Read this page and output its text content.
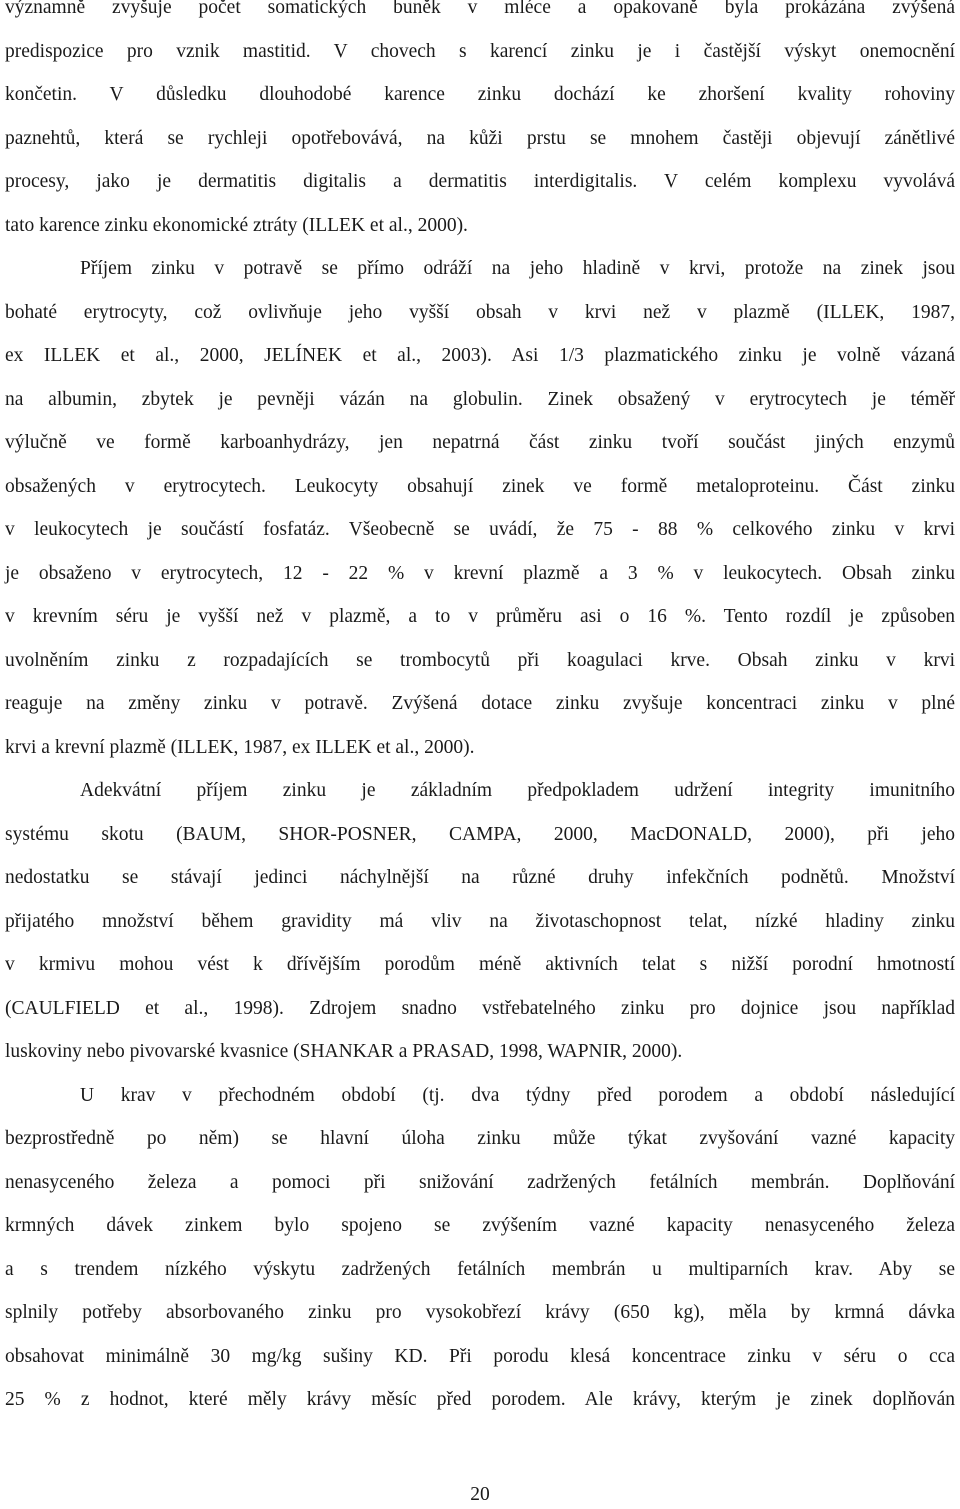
významně zvyšuje počet somatických buněk v mléce a opakovaně byla prokázána zvýšená
predispozice pro vznik mastitid. V chovech s karencí zinku je i častější výskyt onemocnění
končetin. V důsledku dlouhodobé karence zinku dochází ke zhoršení kvality rohoviny
paznehtů, která se rychleji opotřebovává, na kůži prstu se mnohem častěji objevují zánětlivé
procesy, jako je dermatitis digitalis a dermatitis interdigitalis. V celém komplexu vyvolává
tato karence zinku ekonomické ztráty (ILLEK et al., 2000).

Příjem zinku v potravě se přímo odráží na jeho hladině v krvi, protože na zinek jsou
bohaté erytrocyty, což ovlivňuje jeho vyšší obsah v krvi než v plazmě (ILLEK, 1987,
ex ILLEK et al., 2000, JELÍNEK et al., 2003). Asi 1/3 plazmatického zinku je volně vázaná
na albumin, zbytek je pevněji vázán na globulin. Zinek obsažený v erytrocytech je téměř
výlučně ve formě karboanhydrázy, jen nepatrná část zinku tvoří součást jiných enzymů
obsažených v erytrocytech. Leukocyty obsahují zinek ve formě metaloproteinu. Část zinku
v leukocytech je součástí fosfatáz. Všeobecně se uvádí, že 75 - 88 % celkového zinku v krvi
je obsaženo v erytrocytech, 12 - 22 % v krevní plazmě a 3 % v leukocytech. Obsah zinku
v krevním séru je vyšší než v plazmě, a to v průměru asi o 16 %. Tento rozdíl je způsoben
uvolněním zinku z rozpadajících se trombocytů při koagulaci krve. Obsah zinku v krvi
reaguje na změny zinku v potravě. Zvýšená dotace zinku zvyšuje koncentraci zinku v plné
krvi a krevní plazmě (ILLEK, 1987, ex ILLEK et al., 2000).

Adekvátní příjem zinku je základním předpokladem udržení integrity imunitního
systému skotu (BAUM, SHOR-POSNER, CAMPA, 2000, MacDONALD, 2000), při jeho
nedostatku se stávají jedinci náchylnější na různé druhy infekčních podnětů. Množství
přijatého množství během gravidity má vliv na životaschopnost telat, nízké hladiny zinku
v krmivu mohou vést k dřívějším porodům méně aktivních telat s nižší porodní hmotností
(CAULFIELD et al., 1998). Zdrojem snadno vstřebatelného zinku pro dojnice jsou například
luskoviny nebo pivovarské kvasnice (SHANKAR a PRASAD, 1998, WAPNIR, 2000).

U krav v přechodném období (tj. dva týdny před porodem a období následující
bezprostředně po něm) se hlavní úloha zinku může týkat zvyšování vazné kapacity
nenasyceného železa a pomoci při snižování zadržených fetálních membrán. Doplňování
krmných dávek zinkem bylo spojeno se zvýšením vazné kapacity nenasyceného železa
a s trendem nízkého výskytu zadržených fetálních membrán u multiparních krav. Aby se
splnily potřeby absorbovaného zinku pro vysokobřezí krávy (650 kg), měla by krmná dávka
obsahovat minimálně 30 mg/kg sušiny KD. Při porodu klesá koncentrace zinku v séru o cca
25 % z hodnot, které měly krávy měsíc před porodem. Ale krávy, kterým je zinek doplňován

20
